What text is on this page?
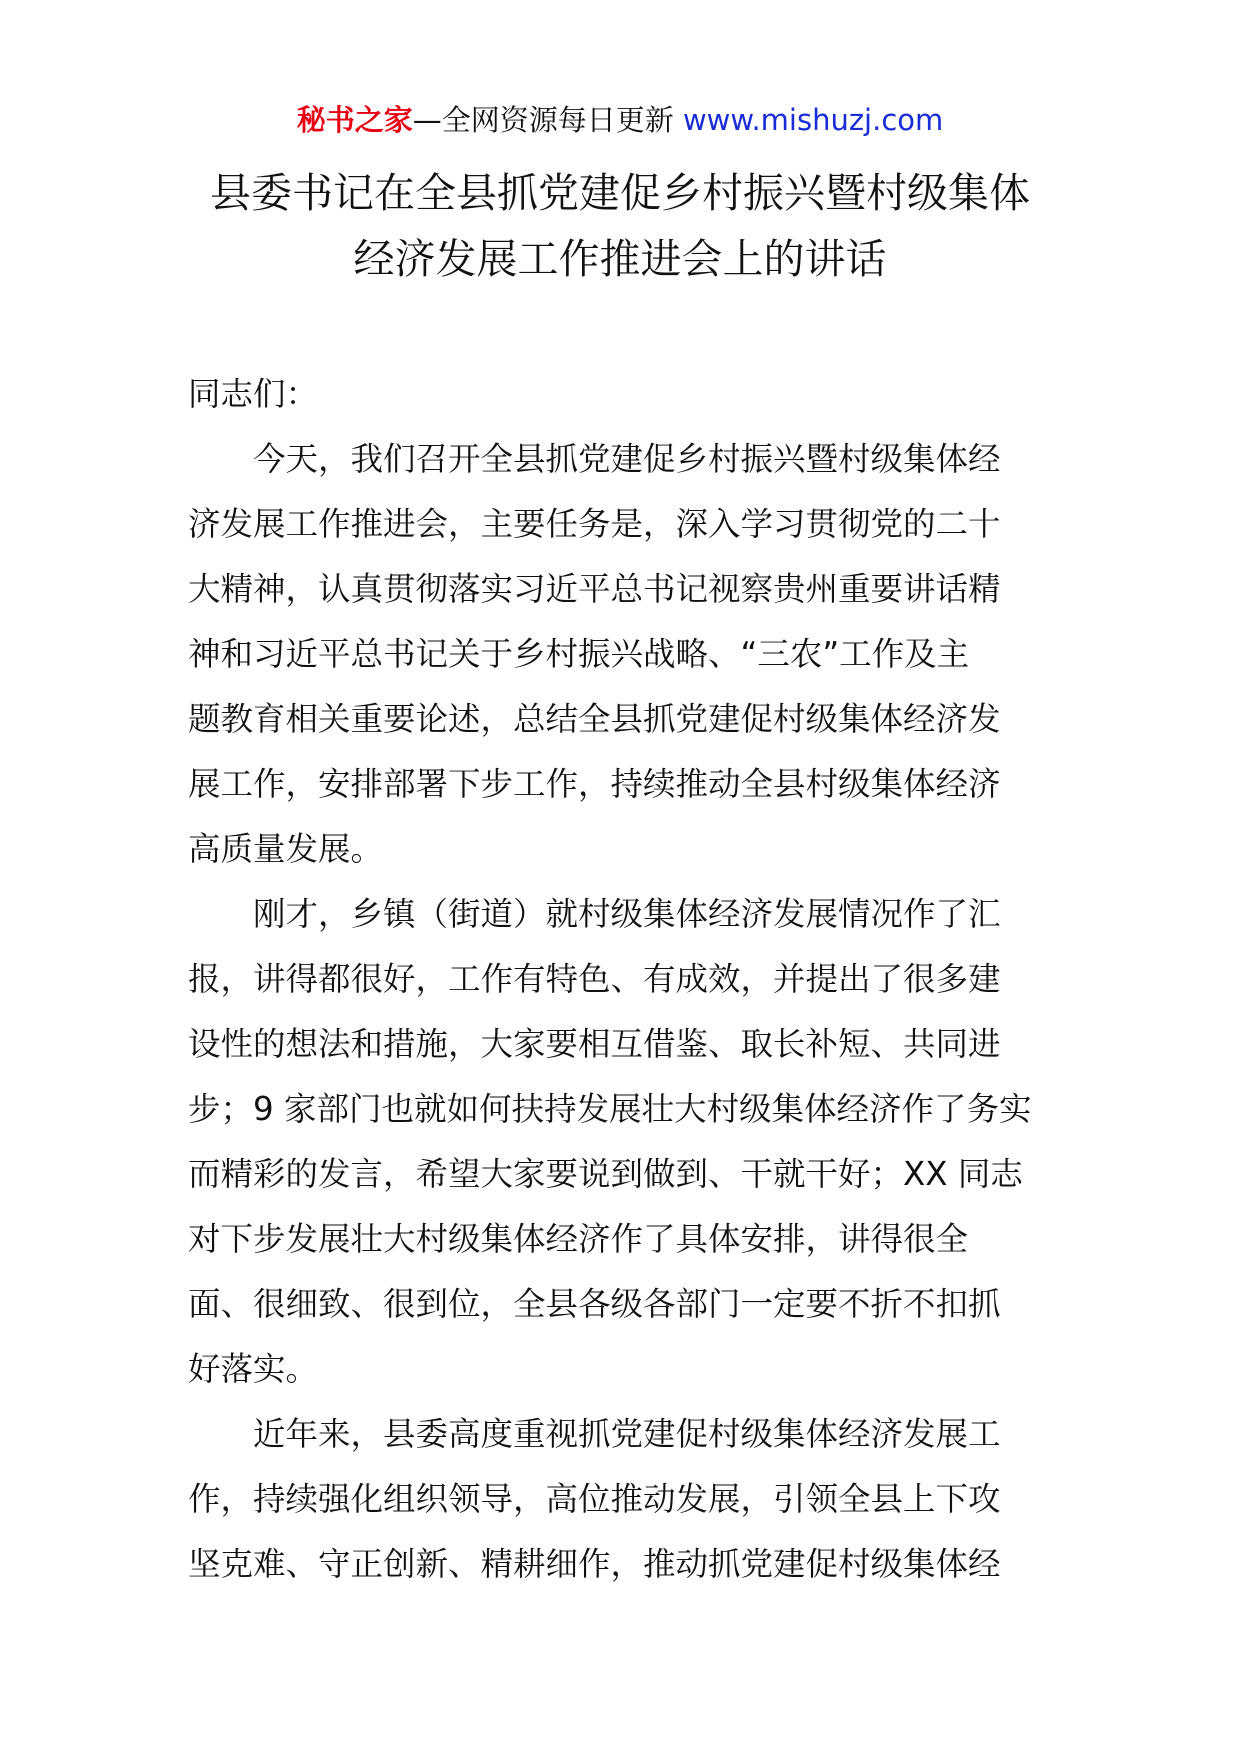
秘书之家—全网资源每日更新 www.mishuzj.com
县委书记在全县抓党建促乡村振兴暨村级集体
经济发展工作推进会上的讲话
同志们：
今天，我们召开全县抓党建促乡村振兴暨村级集体经
济发展工作推进会，主要任务是，深入学习贯彻党的二十
大精神，认真贯彻落实习近平总书记视察贵州重要讲话精
神和习近平总书记关于乡村振兴战略、“三农”工作及主
题教育相关重要论述，总结全县抓党建促村级集体经济发
展工作，安排部署下步工作，持续推动全县村级集体经济
高质量发展。
刚才，乡镇（街道）就村级集体经济发展情况作了汇
报，讲得都很好，工作有特色、有成效，并提出了很多建
设性的想法和措施，大家要相互借鉴、取长补短、共同进
步；9 家部门也就如何扶持发展壮大村级集体经济作了务实
而精彩的发言，希望大家要说到做到、干就干好；XX 同志
对下步发展壮大村级集体经济作了具体安排，讲得很全
面、很细致、很到位，全县各级各部门一定要不折不扣抓
好落实。
近年来，县委高度重视抓党建促村级集体经济发展工
作，持续强化组织领导，高位推动发展，引领全县上下攻
坚克难、守正创新、精耕细作，推动抓党建促村级集体经
